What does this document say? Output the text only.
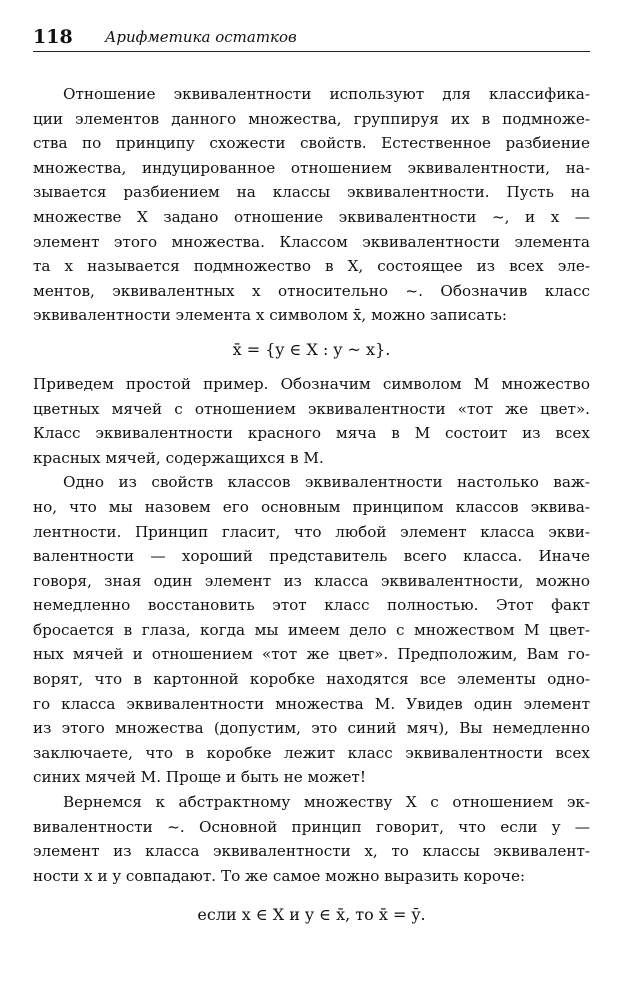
118 Арифметика остатков
Отношение эквивалентности используют для классифика-
ции элементов данного множества, группируя их в подмноже-
ства по принципу схожести свойств. Естественное разбиение
множества, индуцированное отношением эквивалентности, на-
зывается разбиением на классы эквивалентности. Пусть на
множестве X задано отношение эквивалентности ~, и x —
элемент этого множества. Классом эквивалентности элемента
та x называется подмножество в X, состоящее из всех эле-
ментов, эквивалентных x относительно ~. Обозначив класс
эквивалентности элемента x символом x̄, можно записать:
x̄ = {y ∈ X : y ~ x}.
Приведем простой пример. Обозначим символом M множество
цветных мячей с отношением эквивалентности «тот же цвет».
Класс эквивалентности красного мяча в M состоит из всех
красных мячей, содержащихся в M.
Одно из свойств классов эквивалентности настолько важ-
но, что мы назовем его основным принципом классов эквива-
лентности. Принцип гласит, что любой элемент класса экви-
валентности — хороший представитель всего класса. Иначе
говоря, зная один элемент из класса эквивалентности, можно
немедленно восстановить этот класс полностью. Этот факт
бросается в глаза, когда мы имеем дело с множеством M цвет-
ных мячей и отношением «тот же цвет». Предположим, Вам го-
ворят, что в картонной коробке находятся все элементы одно-
го класса эквивалентности множества M. Увидев один элемент
из этого множества (допустим, это синий мяч), Вы немедленно
заключаете, что в коробке лежит класс эквивалентности всех
синих мячей M. Проще и быть не может!
Вернемся к абстрактному множеству X с отношением эк-
вивалентности ~. Основной принцип говорит, что если y —
элемент из класса эквивалентности x, то классы эквивалент-
ности x и y совпадают. То же самое можно выразить короче:
если x ∈ X и y ∈ x̄, то x̄ = ȳ.
